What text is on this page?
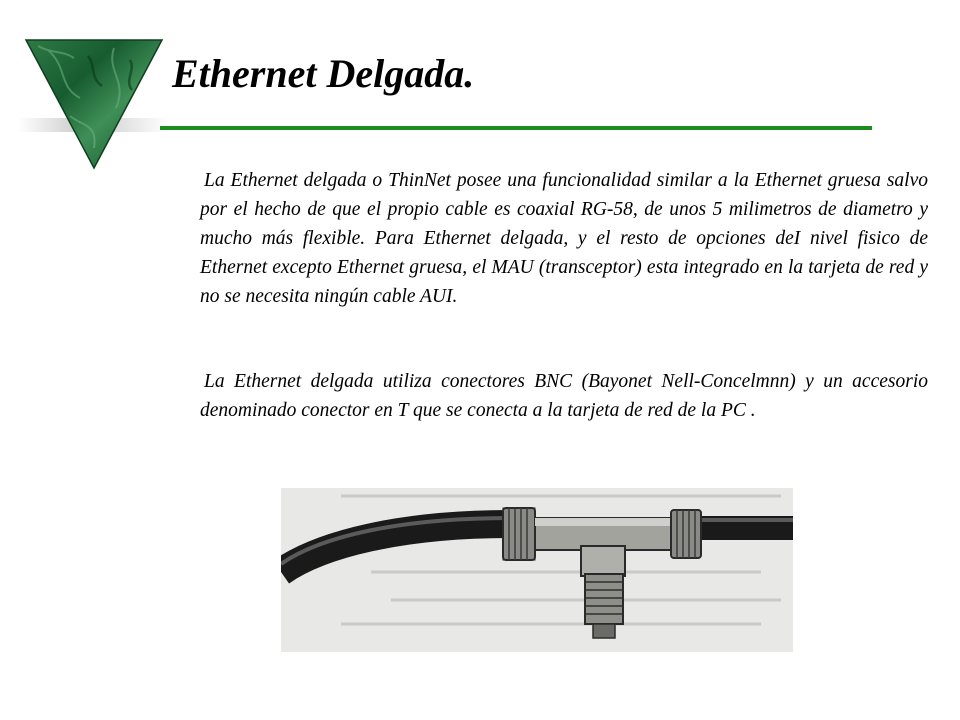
Ethernet Delgada.

La Ethernet delgada o ThinNet posee una funcionalidad similar a la Ethernet gruesa salvo por el hecho de que el propio cable es coaxial RG-58, de unos 5 milimetros de diametro y mucho más flexible. Para Ethernet delgada, y el resto de opciones deI nivel fisico de Ethernet excepto Ethernet gruesa, el MAU (transceptor) esta integrado en la tarjeta de red y no se necesita ningún cable AUI.

La Ethernet delgada utiliza conectores BNC (Bayonet Nell-Concelmnn) y un accesorio denominado conector en T que se conecta a la tarjeta de red de la PC .
